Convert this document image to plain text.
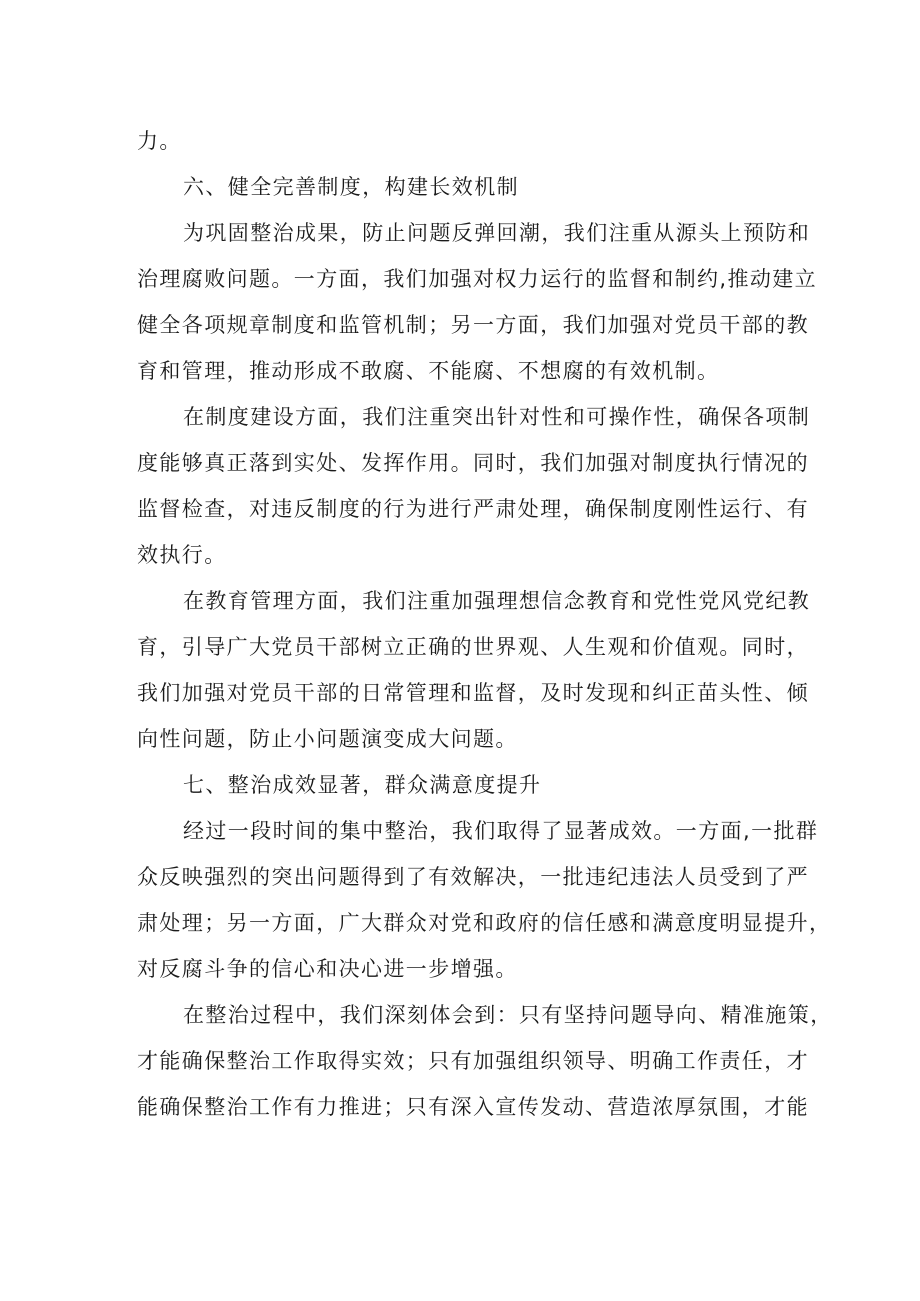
力。
六、健全完善制度，构建长效机制
为巩固整治成果，防止问题反弹回潮，我们注重从源头上预防和
治理腐败问题。一方面，我们加强对权力运行的监督和制约,推动建立
健全各项规章制度和监管机制；另一方面，我们加强对党员干部的教
育和管理，推动形成不敢腐、不能腐、不想腐的有效机制。
在制度建设方面，我们注重突出针对性和可操作性，确保各项制
度能够真正落到实处、发挥作用。同时，我们加强对制度执行情况的
监督检查，对违反制度的行为进行严肃处理，确保制度刚性运行、有
效执行。
在教育管理方面，我们注重加强理想信念教育和党性党风党纪教
育，引导广大党员干部树立正确的世界观、人生观和价值观。同时，
我们加强对党员干部的日常管理和监督，及时发现和纠正苗头性、倾
向性问题，防止小问题演变成大问题。
七、整治成效显著，群众满意度提升
经过一段时间的集中整治，我们取得了显著成效。一方面,一批群
众反映强烈的突出问题得到了有效解决，一批违纪违法人员受到了严
肃处理；另一方面，广大群众对党和政府的信任感和满意度明显提升，
对反腐斗争的信心和决心进一步增强。
在整治过程中，我们深刻体会到：只有坚持问题导向、精准施策，
才能确保整治工作取得实效；只有加强组织领导、明确工作责任，才
能确保整治工作有力推进；只有深入宣传发动、营造浓厚氛围，才能
